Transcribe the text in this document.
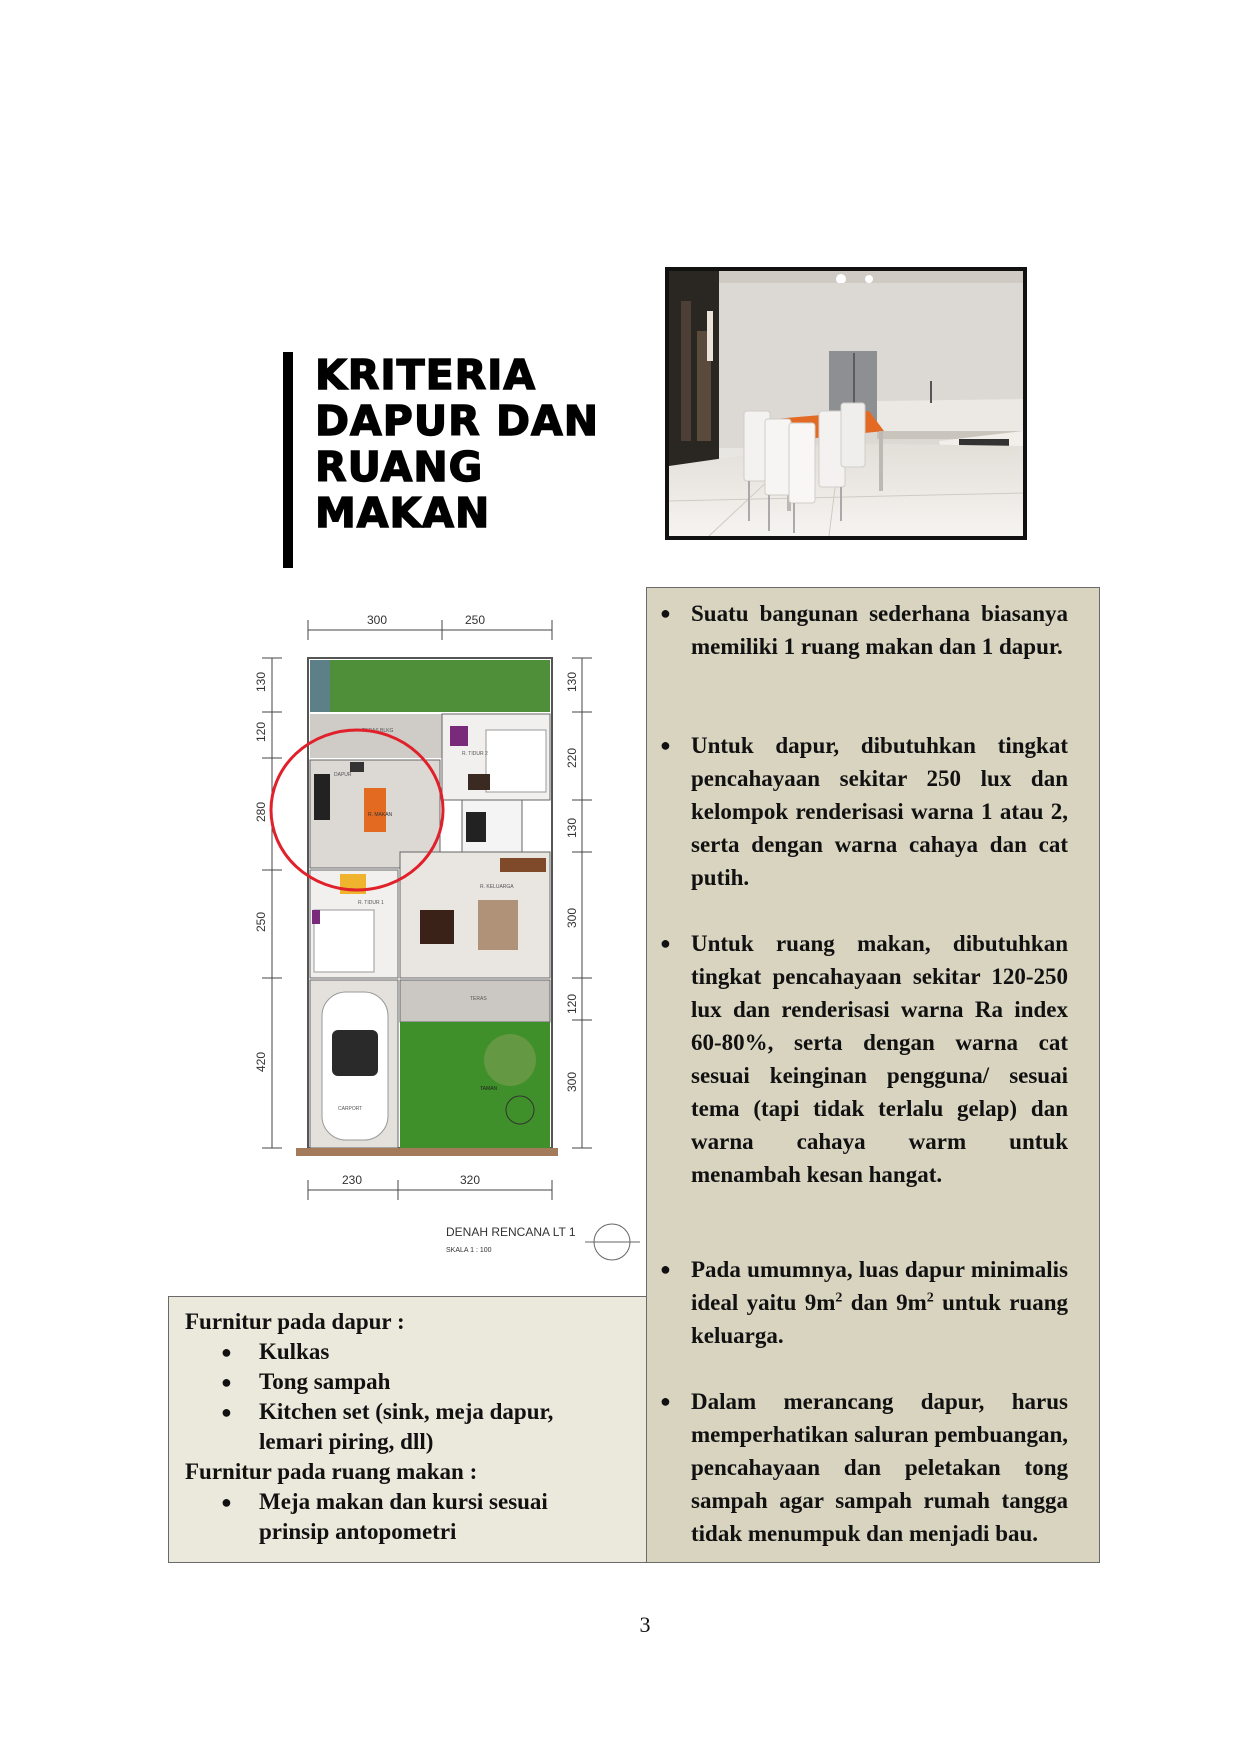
KRITERIA
DAPUR DAN
RUANG
MAKAN
300	250
130
120
280
250
420
130
220
130
300
120
300
TERAS BLKG
R. TIDUR 2
DAPUR
R. MAKAN
R. TIDUR 1
R. KELUARGA
CARPORT
TERAS
TAMAN
230	320
DENAH RENCANA LT 1
SKALA 1 : 100
● Suatu bangunan sederhana biasanya memiliki 1 ruang makan dan 1 dapur.
● Untuk dapur, dibutuhkan tingkat pencahayaan sekitar 250 lux dan kelompok renderisasi warna 1 atau 2, serta dengan warna cahaya dan cat putih.
● Untuk ruang makan, dibutuhkan tingkat pencahayaan sekitar 120-250 lux dan renderisasi warna Ra index 60-80%, serta dengan warna cat sesuai keinginan pengguna/ sesuai tema (tapi tidak terlalu gelap) dan warna cahaya warm untuk menambah kesan hangat.
● Pada umumnya, luas dapur minimalis ideal yaitu $9m^2$ dan $9m^2$ untuk ruang keluarga.
● Dalam merancang dapur, harus memperhatikan saluran pembuangan, pencahayaan dan peletakan tong sampah agar sampah rumah tangga tidak menumpuk dan menjadi bau.
Furnitur pada dapur :
● Kulkas
● Tong sampah
● Kitchen set (sink, meja dapur, lemari piring, dll)
Furnitur pada ruang makan :
● Meja makan dan kursi sesuai prinsip antopometri
3
